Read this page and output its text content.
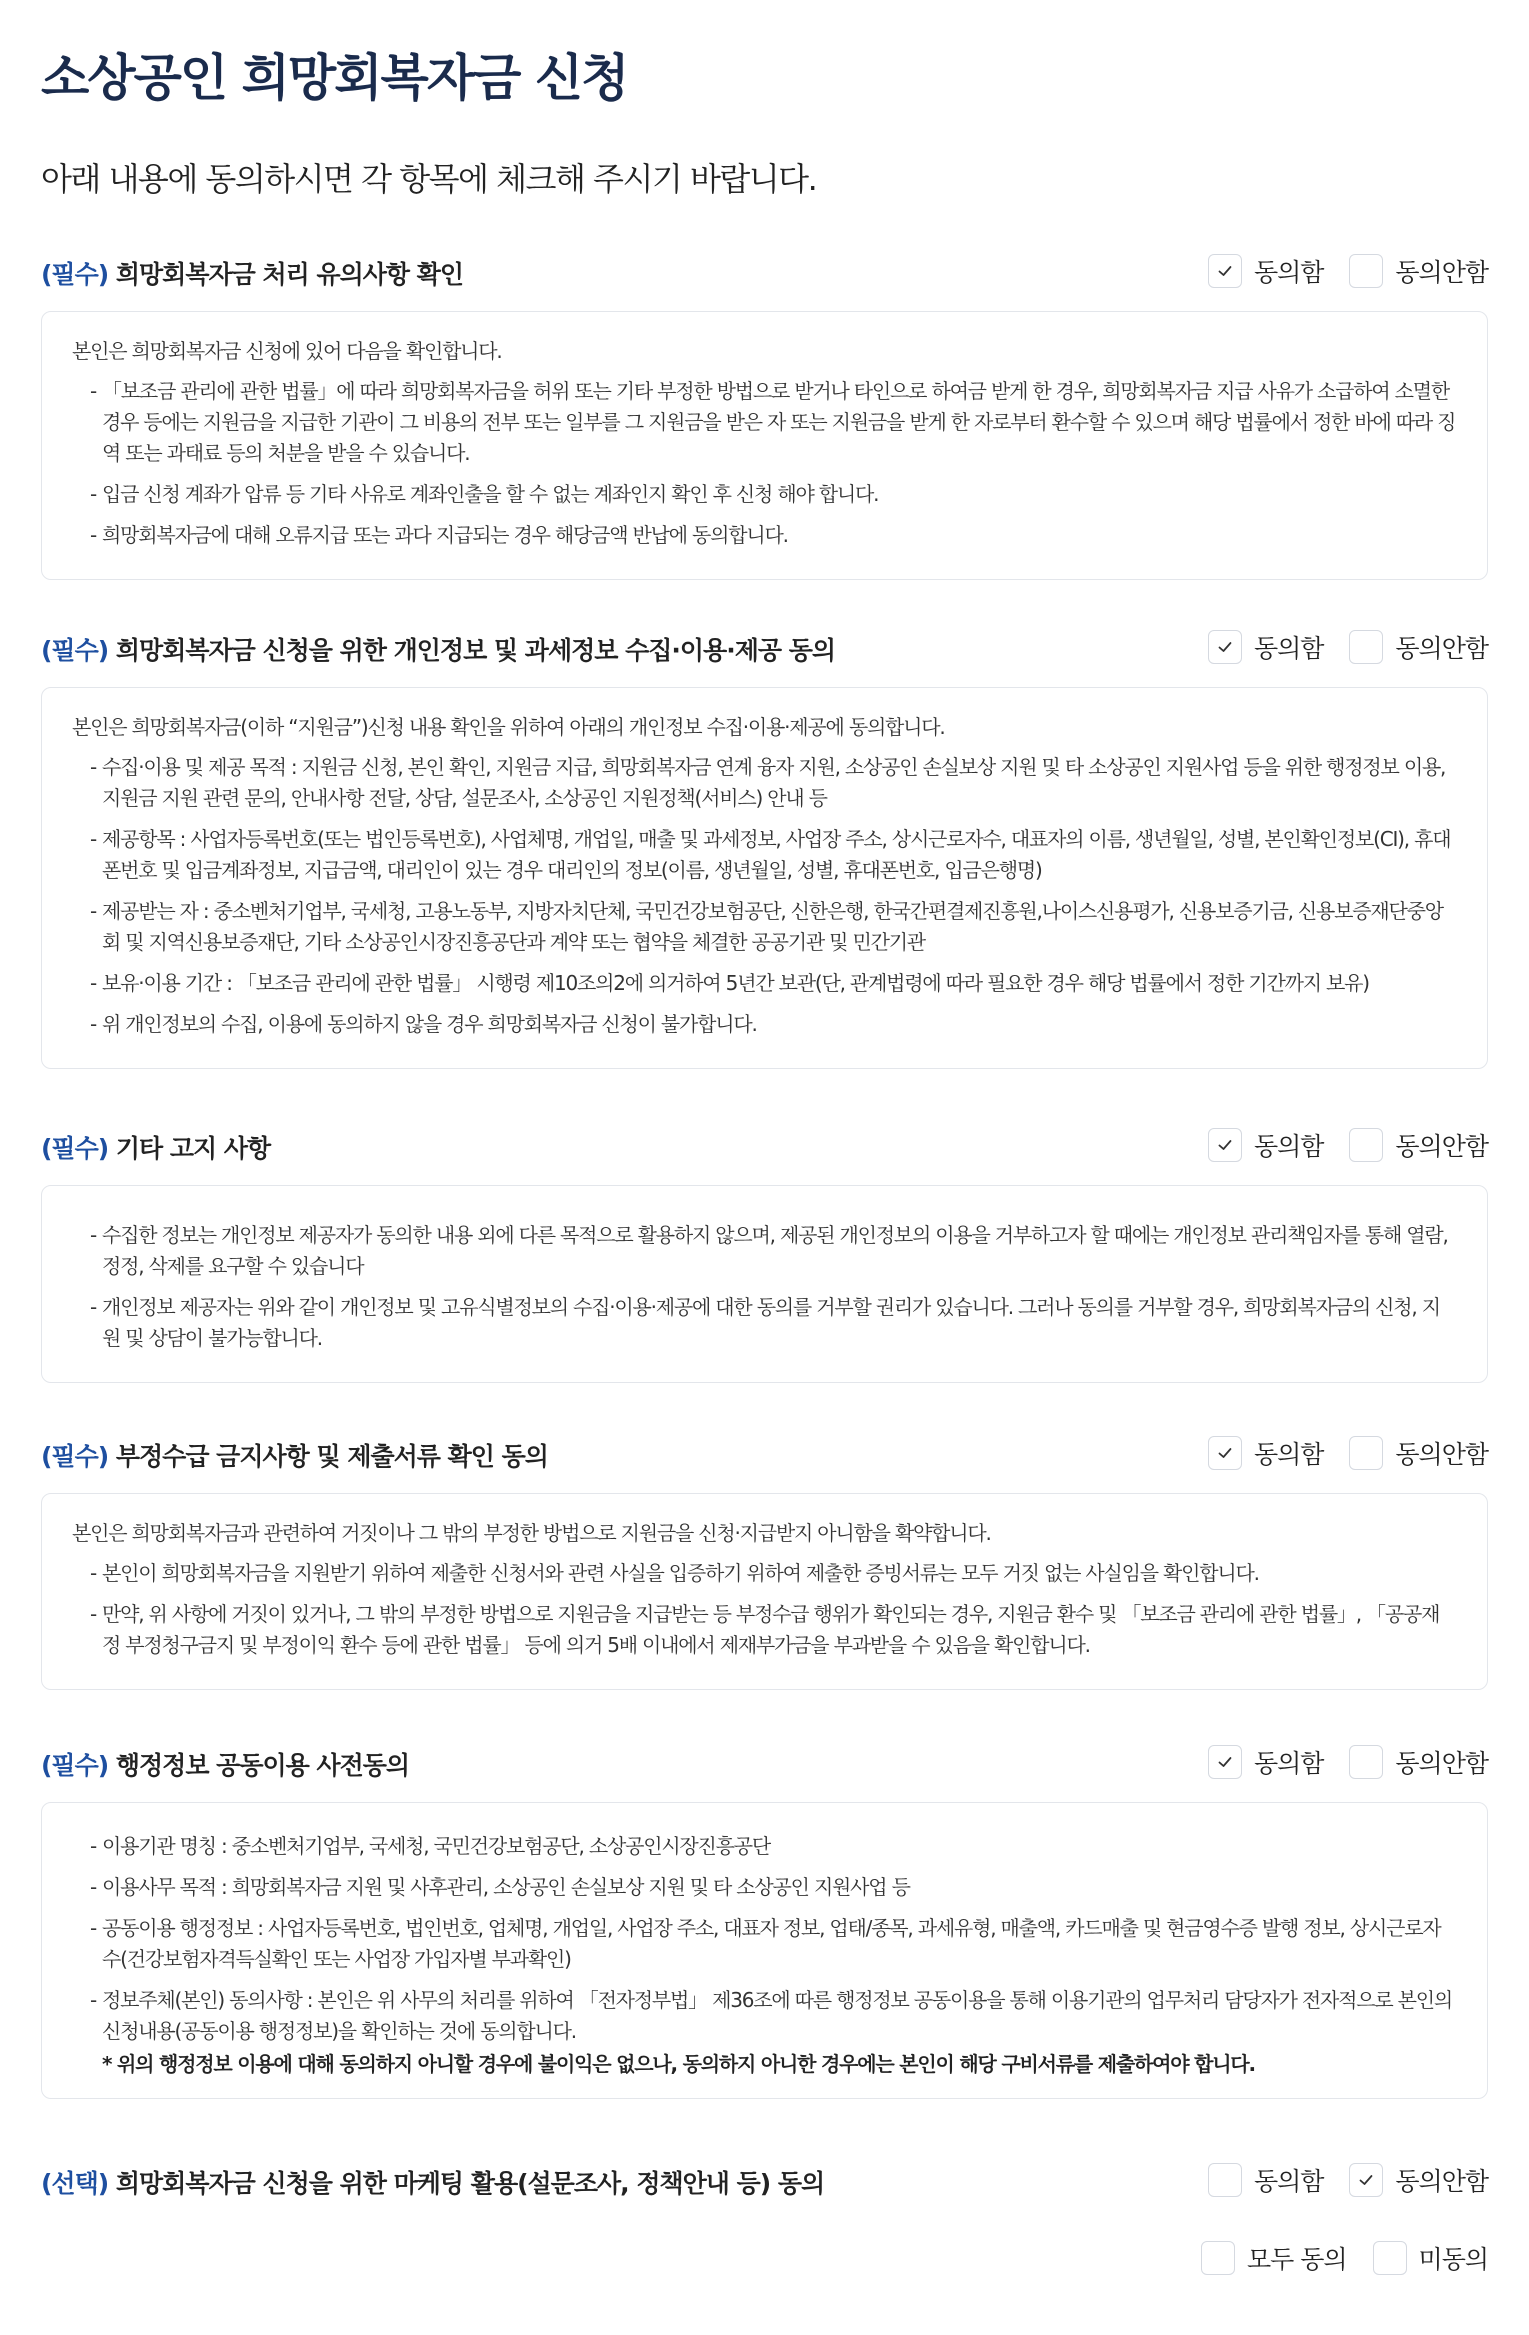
소상공인 희망회복자금 신청

아래 내용에 동의하시면 각 항목에 체크해 주시기 바랍니다.

(필수) 희망회복자금 처리 유의사항 확인	동의함	동의안함

본인은 희망회복자금 신청에 있어 다음을 확인합니다.

- 「보조금 관리에 관한 법률」에 따라 희망회복자금을 허위 또는 기타 부정한 방법으로 받거나 타인으로 하여금 받게 한 경우, 희망회복자금 지급 사유가 소급하여 소멸한 경우 등에는 지원금을 지급한 기관이 그 비용의 전부 또는 일부를 그 지원금을 받은 자 또는 지원금을 받게 한 자로부터 환수할 수 있으며 해당 법률에서 정한 바에 따라 징역 또는 과태료 등의 처분을 받을 수 있습니다.

- 입금 신청 계좌가 압류 등 기타 사유로 계좌인출을 할 수 없는 계좌인지 확인 후 신청 해야 합니다.

- 희망회복자금에 대해 오류지급 또는 과다 지급되는 경우 해당금액 반납에 동의합니다.

(필수) 희망회복자금 신청을 위한 개인정보 및 과세정보 수집·이용·제공 동의	동의함	동의안함

본인은 희망회복자금(이하 “지원금”)신청 내용 확인을 위하여 아래의 개인정보 수집·이용·제공에 동의합니다.

- 수집·이용 및 제공 목적 : 지원금 신청, 본인 확인, 지원금 지급, 희망회복자금 연계 융자 지원, 소상공인 손실보상 지원 및 타 소상공인 지원사업 등을 위한 행정정보 이용, 지원금 지원 관련 문의, 안내사항 전달, 상담, 설문조사, 소상공인 지원정책(서비스) 안내 등

- 제공항목 : 사업자등록번호(또는 법인등록번호), 사업체명, 개업일, 매출 및 과세정보, 사업장 주소, 상시근로자수, 대표자의 이름, 생년월일, 성별, 본인확인정보(CI), 휴대폰번호 및 입금계좌정보, 지급금액, 대리인이 있는 경우 대리인의 정보(이름, 생년월일, 성별, 휴대폰번호, 입금은행명)

- 제공받는 자 : 중소벤처기업부, 국세청, 고용노동부, 지방자치단체, 국민건강보험공단, 신한은행, 한국간편결제진흥원,나이스신용평가, 신용보증기금, 신용보증재단중앙회 및 지역신용보증재단, 기타 소상공인시장진흥공단과 계약 또는 협약을 체결한 공공기관 및 민간기관

- 보유·이용 기간 : 「보조금 관리에 관한 법률」 시행령 제10조의2에 의거하여 5년간 보관(단, 관계법령에 따라 필요한 경우 해당 법률에서 정한 기간까지 보유)

- 위 개인정보의 수집, 이용에 동의하지 않을 경우 희망회복자금 신청이 불가합니다.

(필수) 기타 고지 사항	동의함	동의안함

- 수집한 정보는 개인정보 제공자가 동의한 내용 외에 다른 목적으로 활용하지 않으며, 제공된 개인정보의 이용을 거부하고자 할 때에는 개인정보 관리책임자를 통해 열람, 정정, 삭제를 요구할 수 있습니다

- 개인정보 제공자는 위와 같이 개인정보 및 고유식별정보의 수집·이용·제공에 대한 동의를 거부할 권리가 있습니다. 그러나 동의를 거부할 경우, 희망회복자금의 신청, 지원 및 상담이 불가능합니다.

(필수) 부정수급 금지사항 및 제출서류 확인 동의	동의함	동의안함

본인은 희망회복자금과 관련하여 거짓이나 그 밖의 부정한 방법으로 지원금을 신청·지급받지 아니함을 확약합니다.

- 본인이 희망회복자금을 지원받기 위하여 제출한 신청서와 관련 사실을 입증하기 위하여 제출한 증빙서류는 모두 거짓 없는 사실임을 확인합니다.

- 만약, 위 사항에 거짓이 있거나, 그 밖의 부정한 방법으로 지원금을 지급받는 등 부정수급 행위가 확인되는 경우, 지원금 환수 및 「보조금 관리에 관한 법률」, 「공공재정 부정청구금지 및 부정이익 환수 등에 관한 법률」 등에 의거 5배 이내에서 제재부가금을 부과받을 수 있음을 확인합니다.

(필수) 행정정보 공동이용 사전동의	동의함	동의안함

- 이용기관 명칭 : 중소벤처기업부, 국세청, 국민건강보험공단, 소상공인시장진흥공단

- 이용사무 목적 : 희망회복자금 지원 및 사후관리, 소상공인 손실보상 지원 및 타 소상공인 지원사업 등

- 공동이용 행정정보 : 사업자등록번호, 법인번호, 업체명, 개업일, 사업장 주소, 대표자 정보, 업태/종목, 과세유형, 매출액, 카드매출 및 현금영수증 발행 정보, 상시근로자수(건강보험자격득실확인 또는 사업장 가입자별 부과확인)

- 정보주체(본인) 동의사항 : 본인은 위 사무의 처리를 위하여 「전자정부법」 제36조에 따른 행정정보 공동이용을 통해 이용기관의 업무처리 담당자가 전자적으로 본인의 신청내용(공동이용 행정정보)을 확인하는 것에 동의합니다.

* 위의 행정정보 이용에 대해 동의하지 아니할 경우에 불이익은 없으나, 동의하지 아니한 경우에는 본인이 해당 구비서류를 제출하여야 합니다.

(선택) 희망회복자금 신청을 위한 마케팅 활용(설문조사, 정책안내 등) 동의	동의함	동의안함
모두 동의	미동의
